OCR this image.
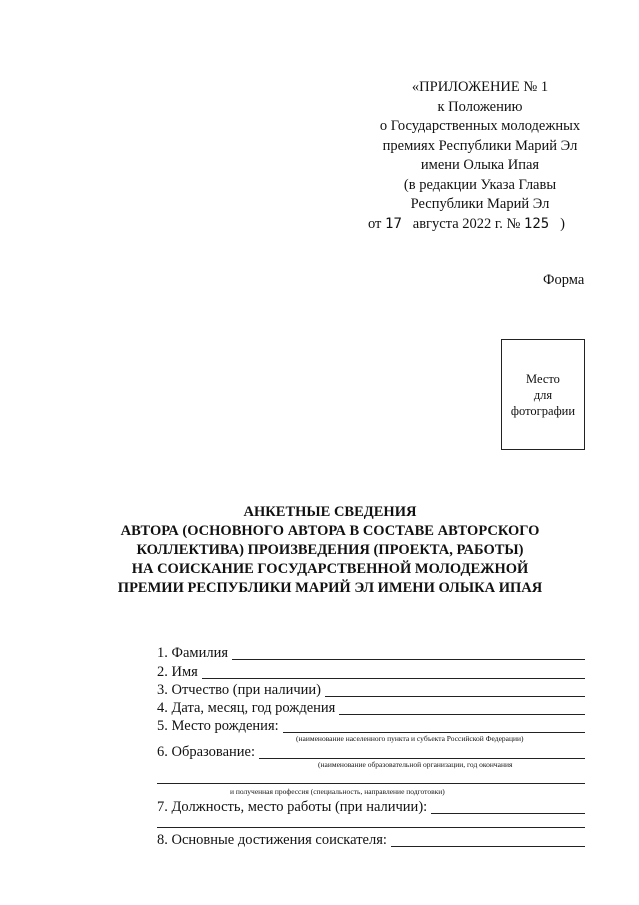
«ПРИЛОЖЕНИЕ № 1
к Положению
о Государственных молодежных
премиях Республики Марий Эл
имени Олыка Ипая
(в редакции Указа Главы
Республики Марий Эл
от 17 августа 2022 г. № 125 )
Форма
Место
для
фотографии
АНКЕТНЫЕ СВЕДЕНИЯ
АВТОРА (ОСНОВНОГО АВТОРА В СОСТАВЕ АВТОРСКОГО
КОЛЛЕКТИВА) ПРОИЗВЕДЕНИЯ (ПРОЕКТА, РАБОТЫ)
НА СОИСКАНИЕ ГОСУДАРСТВЕННОЙ МОЛОДЕЖНОЙ
ПРЕМИИ РЕСПУБЛИКИ МАРИЙ ЭЛ ИМЕНИ ОЛЫКА ИПАЯ
1. Фамилия
2. Имя
3. Отчество (при наличии)
4. Дата, месяц, год рождения
5. Место рождения:
(наименование населенного пункта и субъекта Российской Федерации)
6. Образование:
(наименование образовательной организации, год окончания
и полученная профессия (специальность, направление подготовки)
7. Должность, место работы (при наличии):
8. Основные достижения соискателя:
